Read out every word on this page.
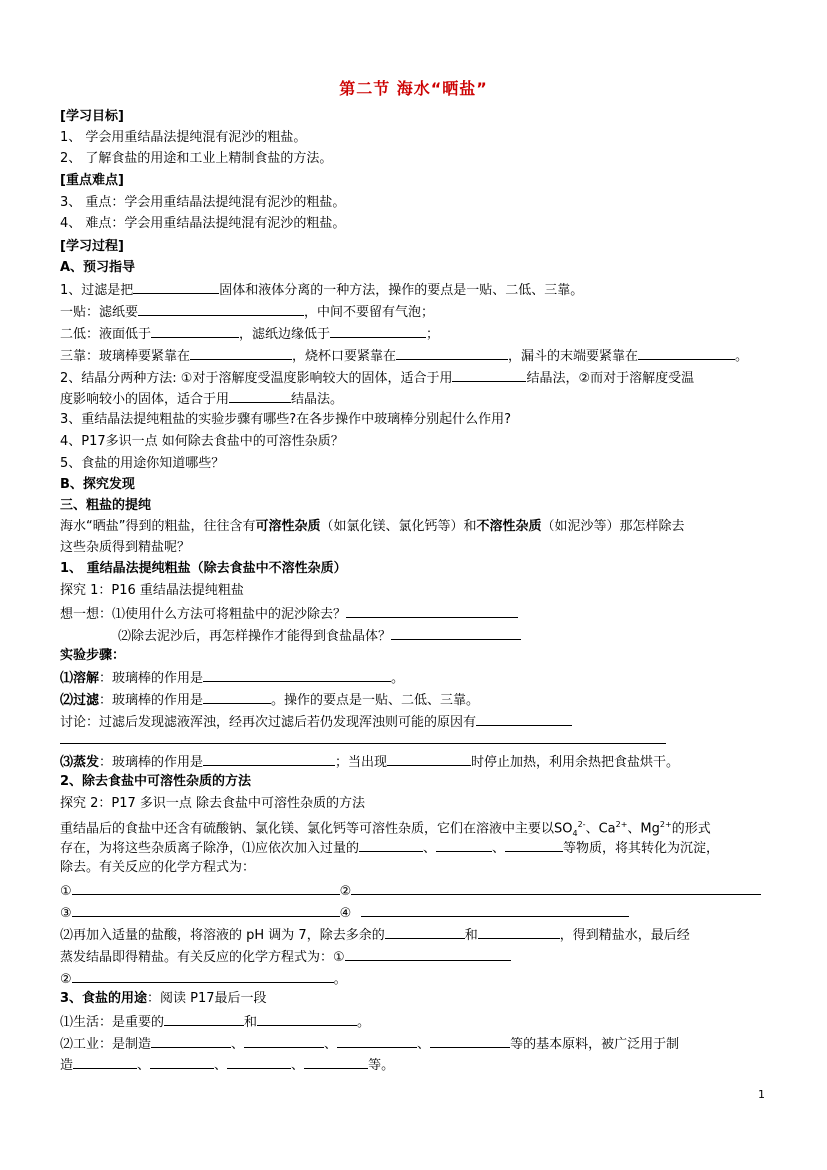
第二节 海水“晒盐”
[学习目标]
1、 学会用重结晶法提纯混有泥沙的粗盐。
2、 了解食盐的用途和工业上精制食盐的方法。
[重点难点]
3、 重点：学会用重结晶法提纯混有泥沙的粗盐。
4、 难点：学会用重结晶法提纯混有泥沙的粗盐。
[学习过程]
A、预习指导
1、过滤是把	固体和液体分离的一种方法，操作的要点是一贴、二低、三靠。
一贴：滤纸要	，中间不要留有气泡；
二低：液面低于	，滤纸边缘低于	；
三靠：玻璃棒要紧靠在	，烧杯口要紧靠在	，漏斗的末端要紧靠在	。
2、结晶分两种方法: ①对于溶解度受温度影响较大的固体，适合于用	结晶法，②而对于溶解度受温
度影响较小的固体，适合于用	结晶法。
3、重结晶法提纯粗盐的实验步骤有哪些?在各步操作中玻璃棒分别起什么作用?
4、P17多识一点 如何除去食盐中的可溶性杂质？
5、食盐的用途你知道哪些？
B、探究发现
三、粗盐的提纯
海水“晒盐”得到的粗盐，往往含有可溶性杂质（如氯化镁、氯化钙等）和不溶性杂质（如泥沙等）那怎样除去
这些杂质得到精盐呢？
1、 重结晶法提纯粗盐（除去食盐中不溶性杂质）
探究 1：P16 重结晶法提纯粗盐
想一想：⑴使用什么方法可将粗盐中的泥沙除去？
⑵除去泥沙后，再怎样操作才能得到食盐晶体？
实验步骤：
⑴溶解：玻璃棒的作用是	。
⑵过滤：玻璃棒的作用是	。操作的要点是一贴、二低、三靠。
讨论：过滤后发现滤液浑浊，经再次过滤后若仍发现浑浊则可能的原因有
⑶蒸发：玻璃棒的作用是	；当出现	时停止加热，利用余热把食盐烘干。
2、除去食盐中可溶性杂质的方法
探究 2：P17 多识一点 除去食盐中可溶性杂质的方法
重结晶后的食盐中还含有硫酸钠、氯化镁、氯化钙等可溶性杂质，它们在溶液中主要以$SO_4^{2-}$、$Ca^{2+}$、$Mg^{2+}$的形式
存在，为将这些杂质离子除净，⑴应依次加入过量的	、	、	等物质，将其转化为沉淀，
除去。有关反应的化学方程式为：
①	②
③	④
⑵再加入适量的盐酸，将溶液的 pH 调为 7，除去多余的	和	，得到精盐水，最后经
蒸发结晶即得精盐。有关反应的化学方程式为：①
②	。
3、食盐的用途：阅读 P17最后一段
⑴生活：是重要的	和	。
⑵工业：是制造	、	、	、	等的基本原料，被广泛用于制
造	、	、	、	等。
1
